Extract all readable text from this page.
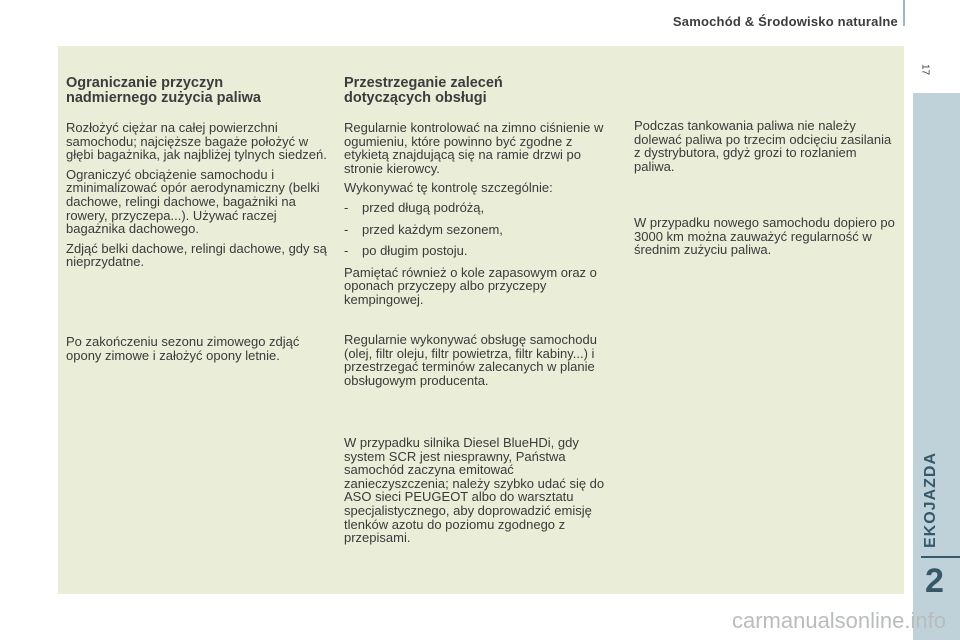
Samochód & Środowisko naturalne
17
EKOJAZDA
2
Ograniczanie przyczyn
nadmiernego zużycia paliwa

Rozłożyć ciężar na całej powierzchni samochodu; najcięższe bagaże położyć w głębi bagażnika, jak najbliżej tylnych siedzeń.

Ograniczyć obciążenie samochodu i zminimalizować opór aerodynamiczny (belki dachowe, relingi dachowe, bagażniki na rowery, przyczepa...). Używać raczej bagażnika dachowego.

Zdjąć belki dachowe, relingi dachowe, gdy są nieprzydatne.

Po zakończeniu sezonu zimowego zdjąć opony zimowe i założyć opony letnie.

Przestrzeganie zaleceń
dotyczących obsługi

Regularnie kontrolować na zimno ciśnienie w ogumieniu, które powinno być zgodne z etykietą znajdującą się na ramie drzwi po stronie kierowcy.

Wykonywać tę kontrolę szczególnie:

- przed długą podróżą,
- przed każdym sezonem,
- po długim postoju.

Pamiętać również o kole zapasowym oraz o oponach przyczepy albo przyczepy kempingowej.

Regularnie wykonywać obsługę samochodu (olej, filtr oleju, filtr powietrza, filtr kabiny...) i przestrzegać terminów zalecanych w planie obsługowym producenta.

W przypadku silnika Diesel BlueHDi, gdy system SCR jest niesprawny, Państwa samochód zaczyna emitować zanieczyszczenia; należy szybko udać się do ASO sieci PEUGEOT albo do warsztatu specjalistycznego, aby doprowadzić emisję tlenków azotu do poziomu zgodnego z przepisami.

Podczas tankowania paliwa nie należy dolewać paliwa po trzecim odcięciu zasilania z dystrybutora, gdyż grozi to rozlaniem paliwa.

W przypadku nowego samochodu dopiero po 3000 km można zauważyć regularność w średnim zużyciu paliwa.

carmanualsonline.info
